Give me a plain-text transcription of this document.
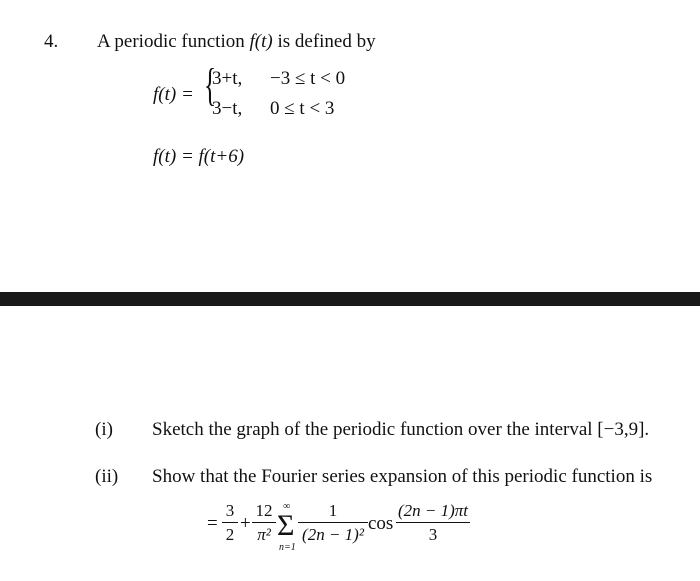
4. A periodic function f(t) is defined by
f(t) = {
3+t, −3 ≤ t < 0
3−t, 0 ≤ t < 3
f(t) = f(t+6)
(i) Sketch the graph of the periodic function over the interval [−3,9].
(ii) Show that the Fourier series expansion of this periodic function is
=
3
2
+
12
π²
∞
Σ
n=1
1
(2n − 1)²
cos
(2n − 1)πt
3
